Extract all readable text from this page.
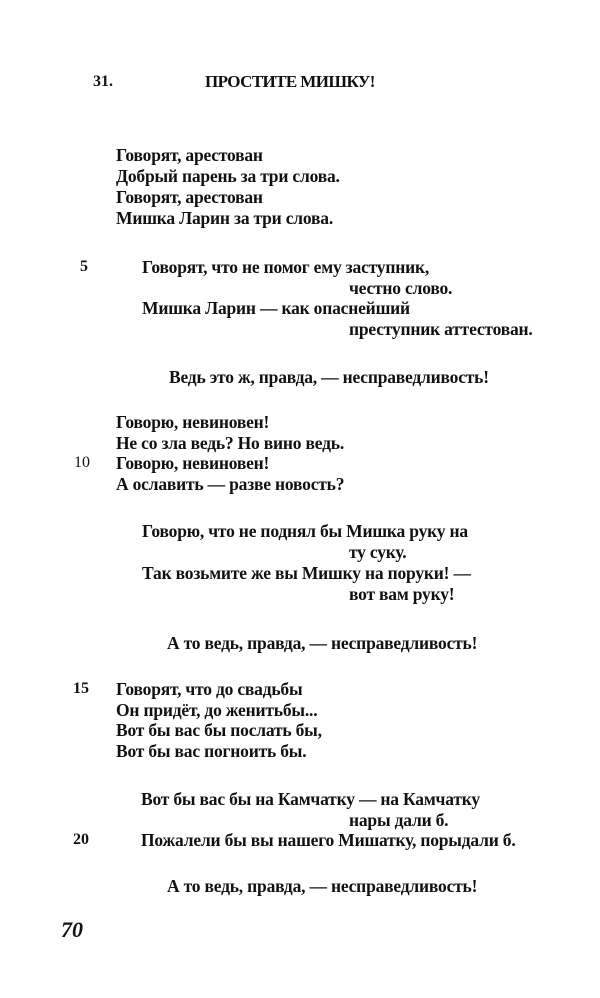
31.	ПРОСТИТЕ МИШКУ!
Говорят, арестован
Добрый парень за три слова.
Говорят, арестован
Мишка Ларин за три слова.
5	Говорят, что не помог ему заступник,
честно слово.
Мишка Ларин — как опаснейший
преступник аттестован.
Ведь это ж, правда, — несправедливость!
Говорю, невиновен!
Не со зла ведь? Но вино ведь.
10 Говорю, невиновен!
А ославить — разве новость?
Говорю, что не поднял бы Мишка руку на
ту суку.
Так возьмите же вы Мишку на поруки! —
вот вам руку!
А то ведь, правда, — несправедливость!
15 Говорят, что до свадьбы
Он придёт, до женитьбы...
Вот бы вас бы послать бы,
Вот бы вас погноить бы.
Вот бы вас бы на Камчатку — на Камчатку
нары дали б.
20	Пожалели бы вы нашего Мишатку, порыдали б.
А то ведь, правда, — несправедливость!
70
